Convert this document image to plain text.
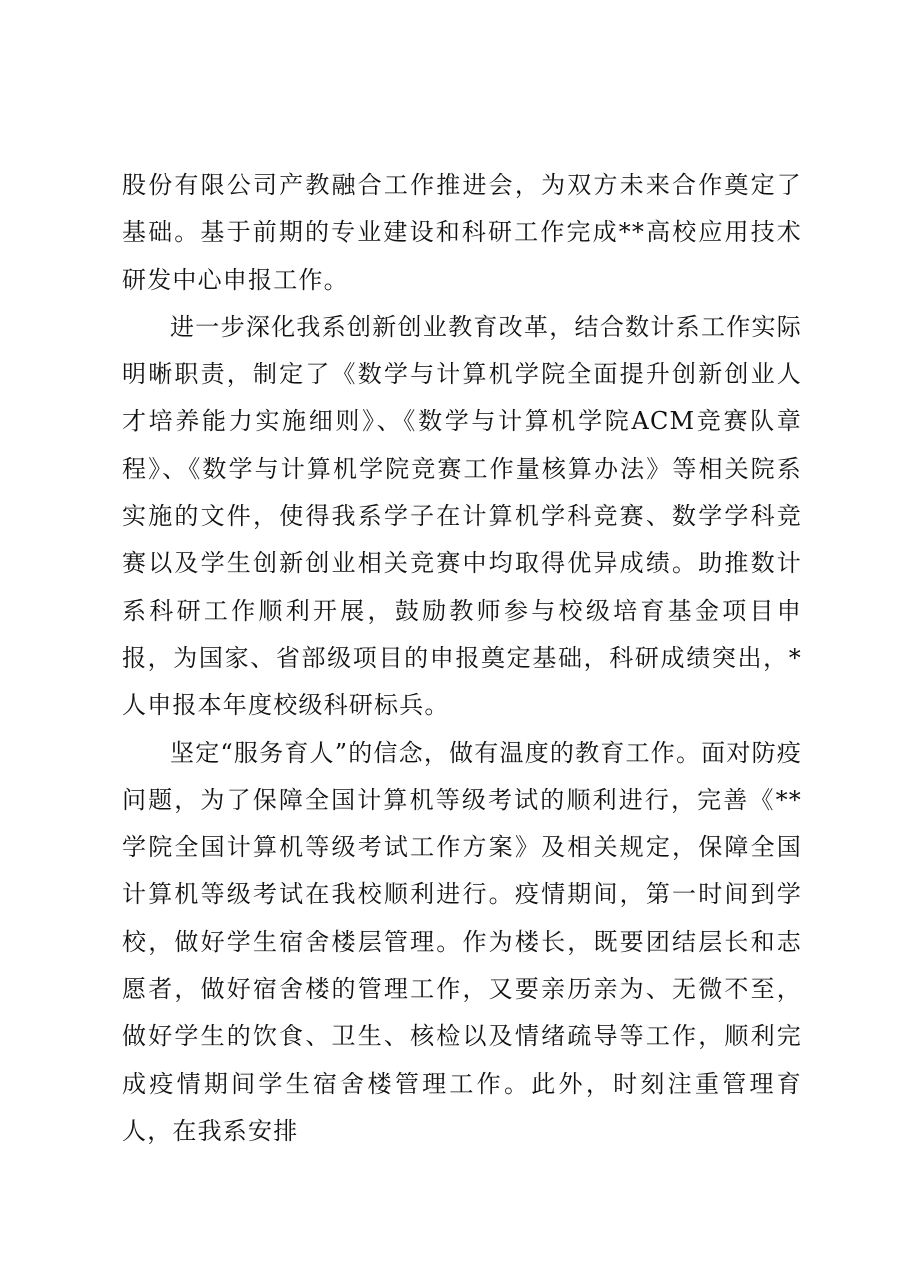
股份有限公司产教融合工作推进会，为双方未来合作奠定了基础。基于前期的专业建设和科研工作完成**高校应用技术研发中心申报工作。

进一步深化我系创新创业教育改革，结合数计系工作实际明晰职责，制定了《数学与计算机学院全面提升创新创业人才培养能力实施细则》、《数学与计算机学院ACM竞赛队章程》、《数学与计算机学院竞赛工作量核算办法》等相关院系实施的文件，使得我系学子在计算机学科竞赛、数学学科竞赛以及学生创新创业相关竞赛中均取得优异成绩。助推数计系科研工作顺利开展，鼓励教师参与校级培育基金项目申报，为国家、省部级项目的申报奠定基础，科研成绩突出，*人申报本年度校级科研标兵。

坚定“服务育人”的信念，做有温度的教育工作。面对防疫问题，为了保障全国计算机等级考试的顺利进行，完善《**学院全国计算机等级考试工作方案》及相关规定，保障全国计算机等级考试在我校顺利进行。疫情期间，第一时间到学校，做好学生宿舍楼层管理。作为楼长，既要团结层长和志愿者，做好宿舍楼的管理工作，又要亲历亲为、无微不至，做好学生的饮食、卫生、核检以及情绪疏导等工作，顺利完成疫情期间学生宿舍楼管理工作。此外，时刻注重管理育人，在我系安排
